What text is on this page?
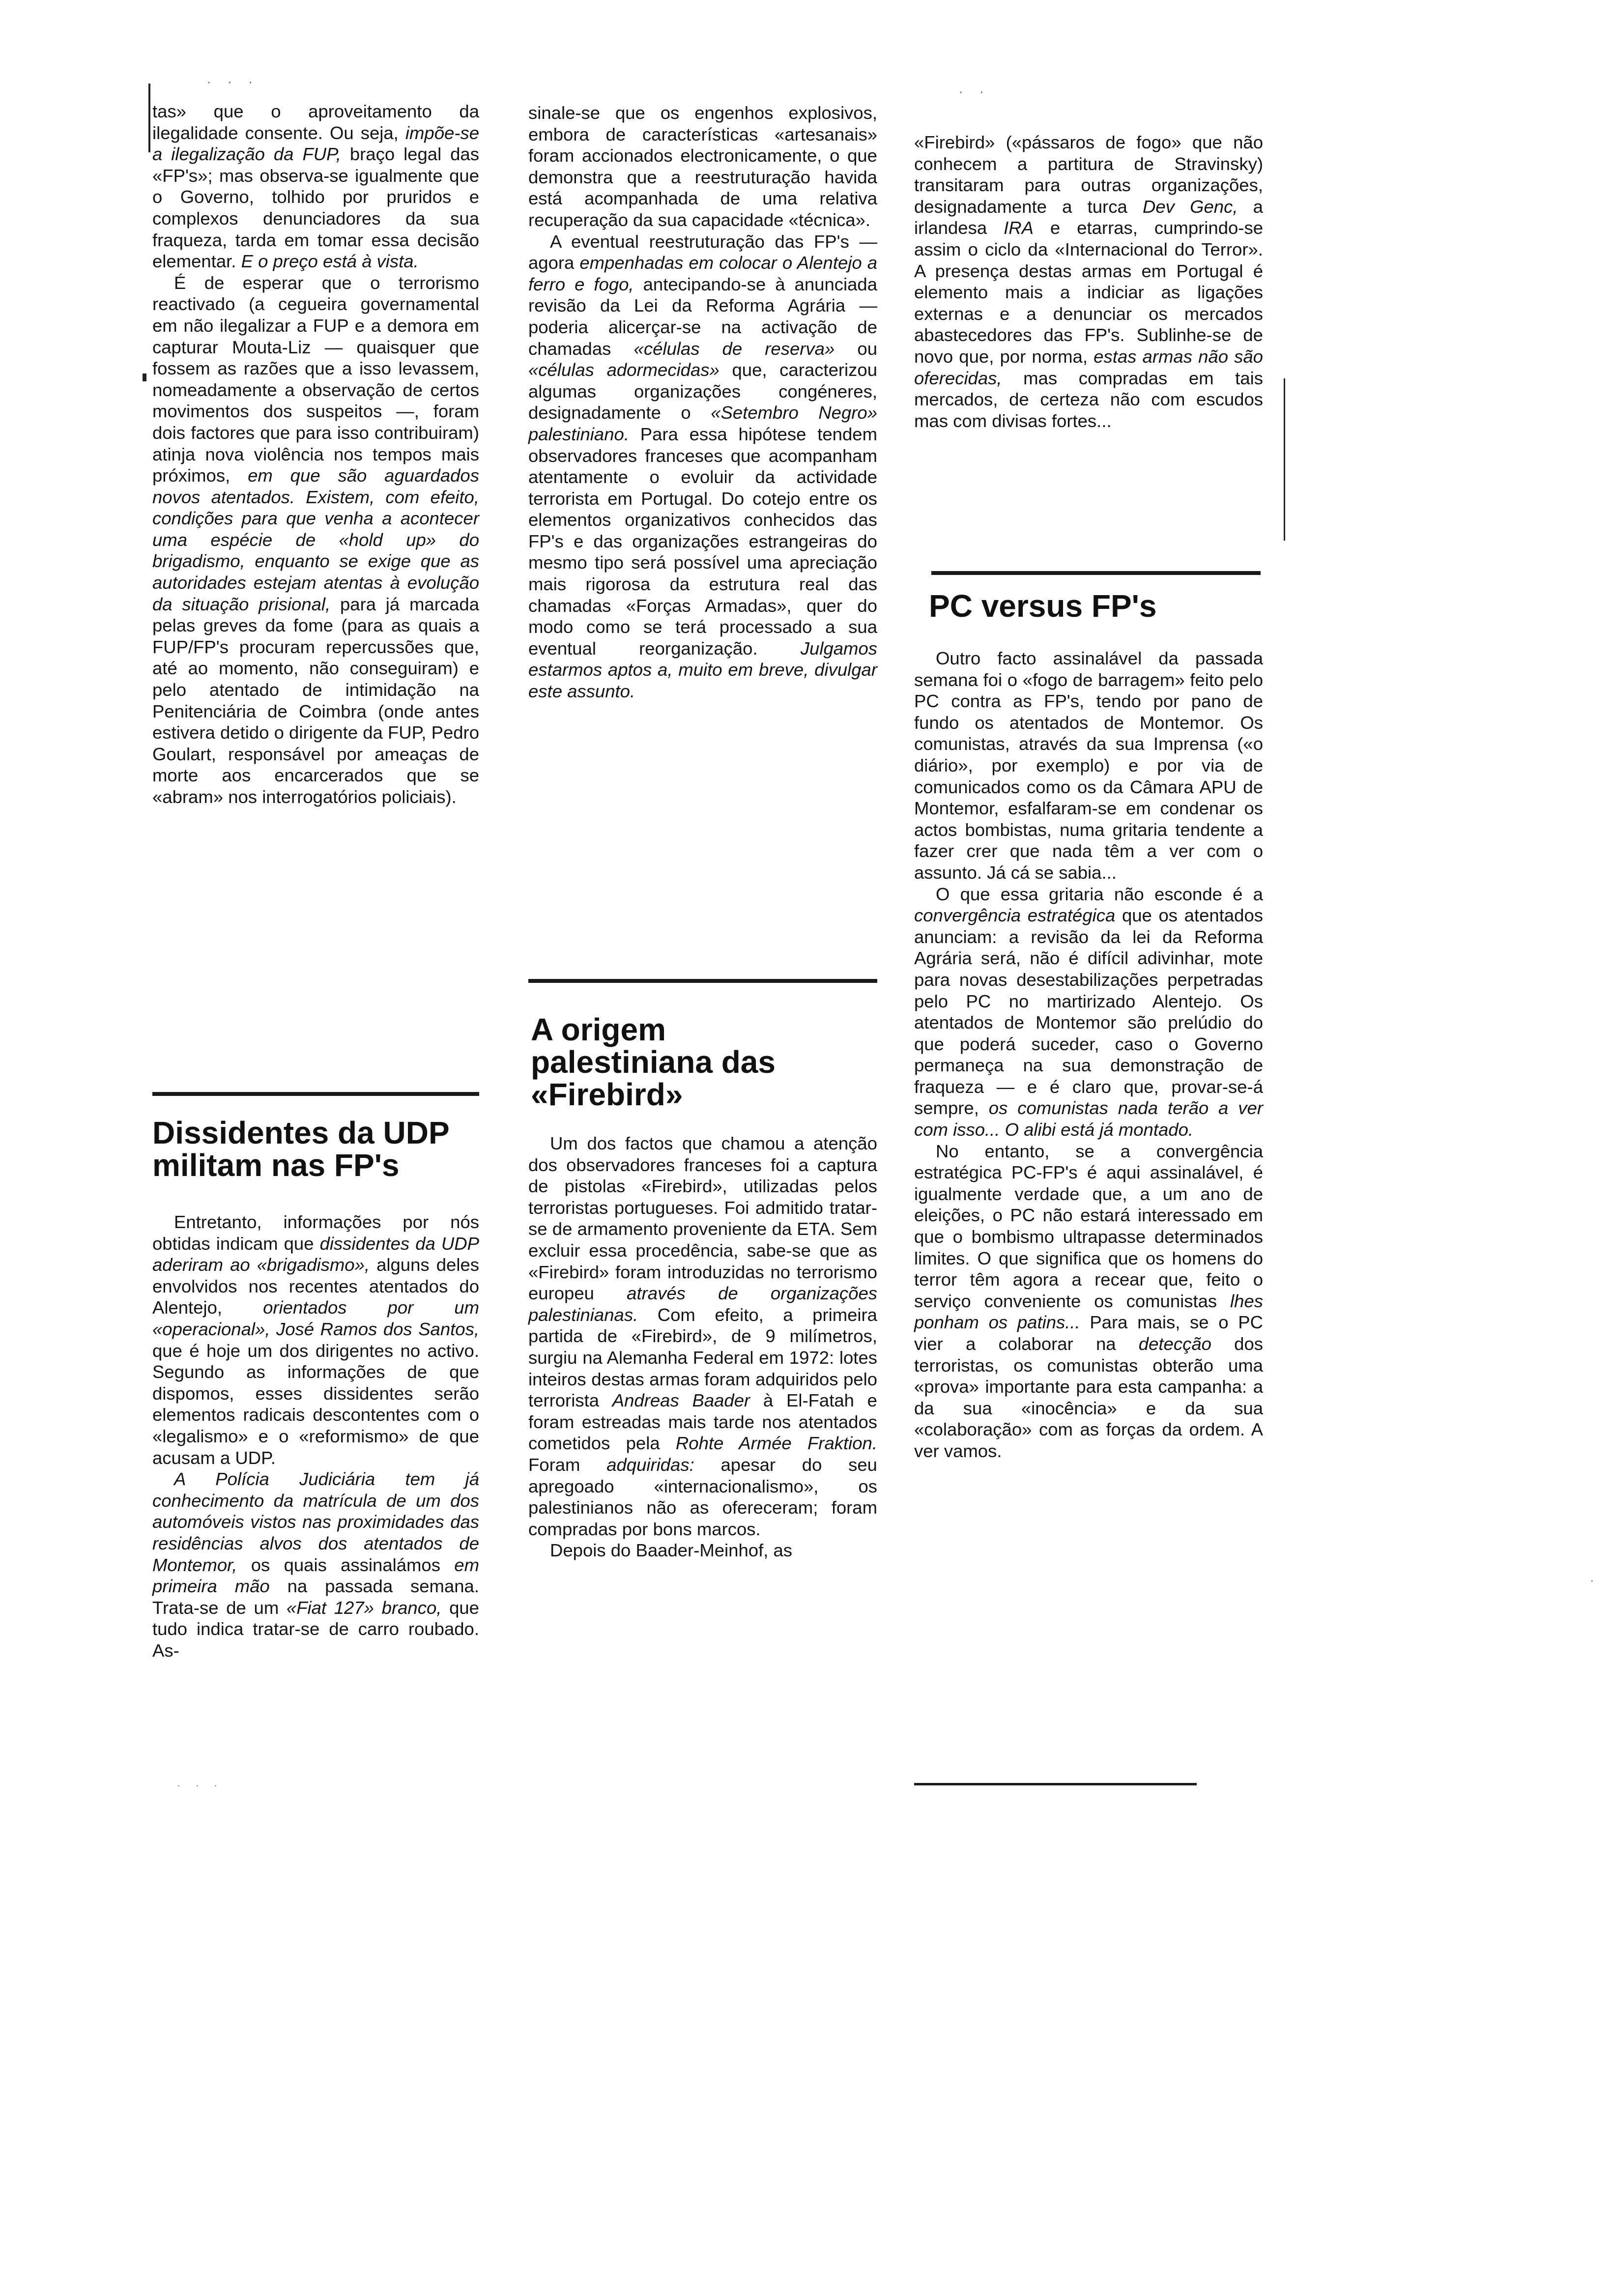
tas» que o aproveitamento da ilegalidade consente. Ou seja, impõe-se a ilegalização da FUP, braço legal das «FP's»; mas observa-se igualmente que o Governo, tolhido por pruridos e complexos denunciadores da sua fraqueza, tarda em tomar essa decisão elementar. E o preço está à vista.

É de esperar que o terrorismo reactivado (a cegueira governamental em não ilegalizar a FUP e a demora em capturar Mouta-Liz — quaisquer que fossem as razões que a isso levassem, nomeadamente a observação de certos movimentos dos suspeitos —, foram dois factores que para isso contribuiram) atinja nova violência nos tempos mais próximos, em que são aguardados novos atentados. Existem, com efeito, condições para que venha a acontecer uma espécie de «hold up» do brigadismo, enquanto se exige que as autoridades estejam atentas à evolução da situação prisional, para já marcada pelas greves da fome (para as quais a FUP/FP's procuram repercussões que, até ao momento, não conseguiram) e pelo atentado de intimidação na Penitenciária de Coimbra (onde antes estivera detido o dirigente da FUP, Pedro Goulart, responsável por ameaças de morte aos encarcerados que se «abram» nos interrogatórios policiais).

Dissidentes da UDP militam nas FP's

Entretanto, informações por nós obtidas indicam que dissidentes da UDP aderiram ao «brigadismo», alguns deles envolvidos nos recentes atentados do Alentejo, orientados por um «operacional», José Ramos dos Santos, que é hoje um dos dirigentes no activo. Segundo as informações de que dispomos, esses dissidentes serão elementos radicais descontentes com o «legalismo» e o «reformismo» de que acusam a UDP.

A Polícia Judiciária tem já conhecimento da matrícula de um dos automóveis vistos nas proximidades das residências alvos dos atentados de Montemor, os quais assinalámos em primeira mão na passada semana. Trata-se de um «Fiat 127» branco, que tudo indica tratar-se de carro roubado. As-

sinale-se que os engenhos explosivos, embora de características «artesanais» foram accionados electronicamente, o que demonstra que a reestruturação havida está acompanhada de uma relativa recuperação da sua capacidade «técnica».

A eventual reestruturação das FP's — agora empenhadas em colocar o Alentejo a ferro e fogo, antecipando-se à anunciada revisão da Lei da Reforma Agrária — poderia alicerçar-se na activação de chamadas «células de reserva» ou «células adormecidas» que, caracterizou algumas organizações congéneres, designadamente o «Setembro Negro» palestiniano. Para essa hipótese tendem observadores franceses que acompanham atentamente o evoluir da actividade terrorista em Portugal. Do cotejo entre os elementos organizativos conhecidos das FP's e das organizações estrangeiras do mesmo tipo será possível uma apreciação mais rigorosa da estrutura real das chamadas «Forças Armadas», quer do modo como se terá processado a sua eventual reorganização. Julgamos estarmos aptos a, muito em breve, divulgar este assunto.

A origem palestiniana das «Firebird»

Um dos factos que chamou a atenção dos observadores franceses foi a captura de pistolas «Firebird», utilizadas pelos terroristas portugueses. Foi admitido tratar-se de armamento proveniente da ETA. Sem excluir essa procedência, sabe-se que as «Firebird» foram introduzidas no terrorismo europeu através de organizações palestinianas. Com efeito, a primeira partida de «Firebird», de 9 milímetros, surgiu na Alemanha Federal em 1972: lotes inteiros destas armas foram adquiridos pelo terrorista Andreas Baader à El-Fatah e foram estreadas mais tarde nos atentados cometidos pela Rohte Armée Fraktion. Foram adquiridas: apesar do seu apregoado «internacionalismo», os palestinianos não as ofereceram; foram compradas por bons marcos.

Depois do Baader-Meinhof, as

«Firebird» («pássaros de fogo» que não conhecem a partitura de Stravinsky) transitaram para outras organizações, designadamente a turca Dev Genc, a irlandesa IRA e etarras, cumprindo-se assim o ciclo da «Internacional do Terror». A presença destas armas em Portugal é elemento mais a indiciar as ligações externas e a denunciar os mercados abastecedores das FP's. Sublinhe-se de novo que, por norma, estas armas não são oferecidas, mas compradas em tais mercados, de certeza não com escudos mas com divisas fortes...

PC versus FP's

Outro facto assinalável da passada semana foi o «fogo de barragem» feito pelo PC contra as FP's, tendo por pano de fundo os atentados de Montemor. Os comunistas, através da sua Imprensa («o diário», por exemplo) e por via de comunicados como os da Câmara APU de Montemor, esfalfaram-se em condenar os actos bombistas, numa gritaria tendente a fazer crer que nada têm a ver com o assunto. Já cá se sabia...

O que essa gritaria não esconde é a convergência estratégica que os atentados anunciam: a revisão da lei da Reforma Agrária será, não é difícil adivinhar, mote para novas desestabilizações perpetradas pelo PC no martirizado Alentejo. Os atentados de Montemor são prelúdio do que poderá suceder, caso o Governo permaneça na sua demonstração de fraqueza — e é claro que, provar-se-á sempre, os comunistas nada terão a ver com isso... O alibi está já montado.

No entanto, se a convergência estratégica PC-FP's é aqui assinalável, é igualmente verdade que, a um ano de eleições, o PC não estará interessado em que o bombismo ultrapasse determinados limites. O que significa que os homens do terror têm agora a recear que, feito o serviço conveniente os comunistas lhes ponham os patins... Para mais, se o PC vier a colaborar na detecção dos terroristas, os comunistas obterão uma «prova» importante para esta campanha: a da sua «inocência» e da sua «colaboração» com as forças da ordem. A ver vamos.

· · ·
· ·
·
· · ·
